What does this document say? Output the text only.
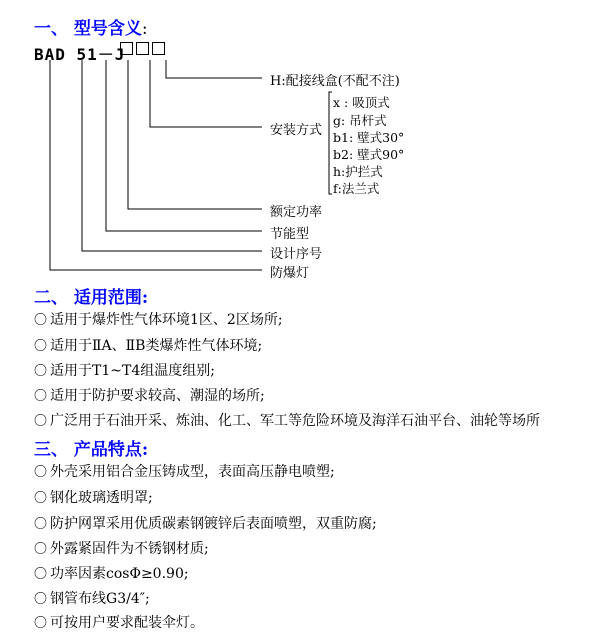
一、 型号含义:
BAD 51－J
H:配接线盒(不配不注)
安装方式
额定功率
节能型
设计序号
防爆灯
x : 吸顶式
g: 吊杆式
b1: 壁式30°
b2: 壁式90°
h:护拦式
f:法兰式
二、 适用范围:
〇 适用于爆炸性气体环境1区、2区场所;
〇 适用于ⅡA、ⅡB类爆炸性气体环境;
〇 适用于T1~T4组温度组别;
〇 适用于防护要求较高、潮湿的场所;
〇 广泛用于石油开采、炼油、化工、军工等危险环境及海洋石油平台、油轮等场所
三、 产品特点:
〇 外壳采用铝合金压铸成型，表面高压静电喷塑;
〇 钢化玻璃透明罩;
〇 防护网罩采用优质碳素钢镀锌后表面喷塑，双重防腐;
〇 外露紧固件为不锈钢材质;
〇 功率因素cosΦ≥0.90;
〇 钢管布线G3/4″;
〇 可按用户要求配装伞灯。
